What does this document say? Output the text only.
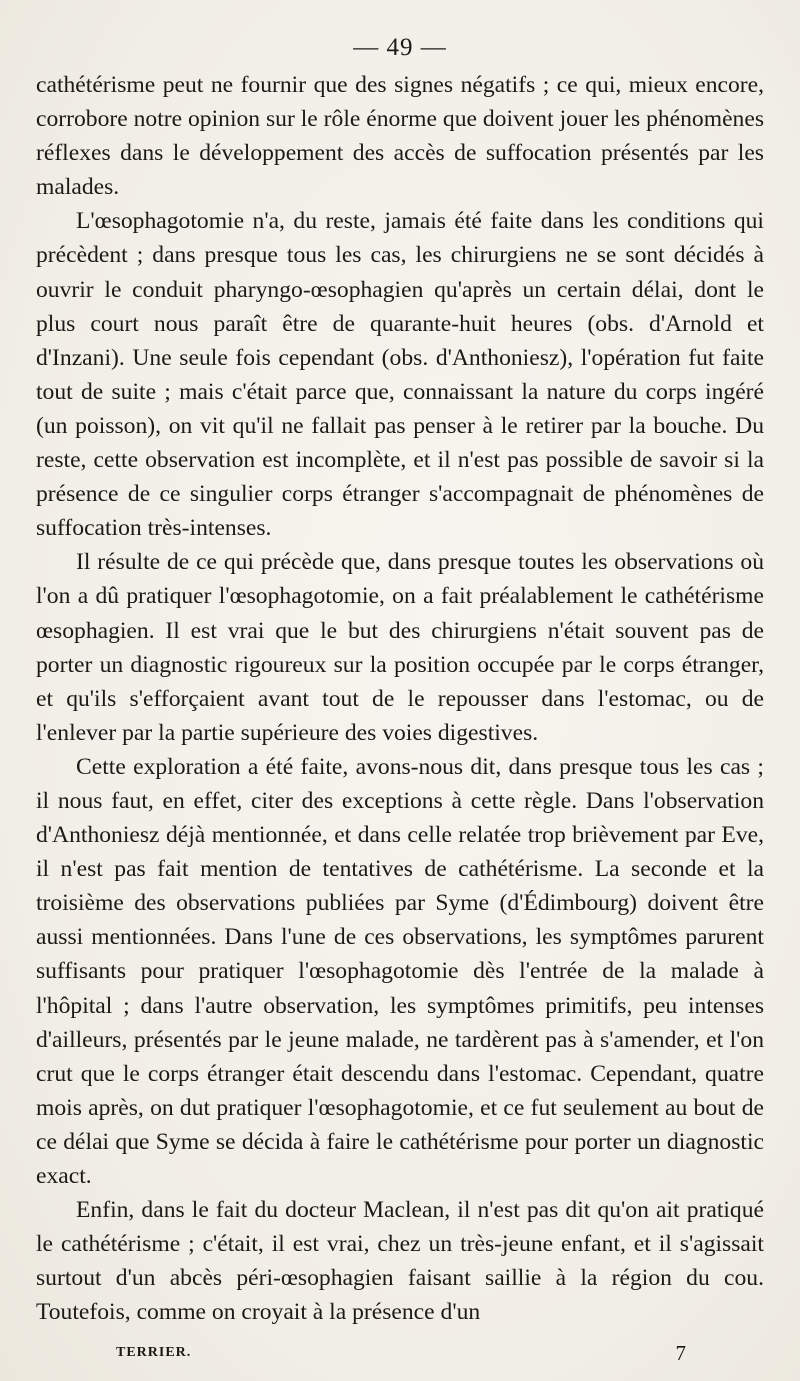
— 49 —

cathétérisme peut ne fournir que des signes négatifs ; ce qui, mieux encore, corrobore notre opinion sur le rôle énorme que doivent jouer les phénomènes réflexes dans le développement des accès de suffocation présentés par les malades.

L'œsophagotomie n'a, du reste, jamais été faite dans les conditions qui précèdent ; dans presque tous les cas, les chirurgiens ne se sont décidés à ouvrir le conduit pharyngo-œsophagien qu'après un certain délai, dont le plus court nous paraît être de quarante-huit heures (obs. d'Arnold et d'Inzani). Une seule fois cependant (obs. d'Anthoniesz), l'opération fut faite tout de suite ; mais c'était parce que, connaissant la nature du corps ingéré (un poisson), on vit qu'il ne fallait pas penser à le retirer par la bouche. Du reste, cette observation est incomplète, et il n'est pas possible de savoir si la présence de ce singulier corps étranger s'accompagnait de phénomènes de suffocation très-intenses.

Il résulte de ce qui précède que, dans presque toutes les observations où l'on a dû pratiquer l'œsophagotomie, on a fait préalablement le cathétérisme œsophagien. Il est vrai que le but des chirurgiens n'était souvent pas de porter un diagnostic rigoureux sur la position occupée par le corps étranger, et qu'ils s'efforçaient avant tout de le repousser dans l'estomac, ou de l'enlever par la partie supérieure des voies digestives.

Cette exploration a été faite, avons-nous dit, dans presque tous les cas ; il nous faut, en effet, citer des exceptions à cette règle. Dans l'observation d'Anthoniesz déjà mentionnée, et dans celle relatée trop brièvement par Eve, il n'est pas fait mention de tentatives de cathétérisme. La seconde et la troisième des observations publiées par Syme (d'Édimbourg) doivent être aussi mentionnées. Dans l'une de ces observations, les symptômes parurent suffisants pour pratiquer l'œsophagotomie dès l'entrée de la malade à l'hôpital ; dans l'autre observation, les symptômes primitifs, peu intenses d'ailleurs, présentés par le jeune malade, ne tardèrent pas à s'amender, et l'on crut que le corps étranger était descendu dans l'estomac. Cependant, quatre mois après, on dut pratiquer l'œsophagotomie, et ce fut seulement au bout de ce délai que Syme se décida à faire le cathétérisme pour porter un diagnostic exact.

Enfin, dans le fait du docteur Maclean, il n'est pas dit qu'on ait pratiqué le cathétérisme ; c'était, il est vrai, chez un très-jeune enfant, et il s'agissait surtout d'un abcès péri-œsophagien faisant saillie à la région du cou. Toutefois, comme on croyait à la présence d'un

TERRIER.	7
